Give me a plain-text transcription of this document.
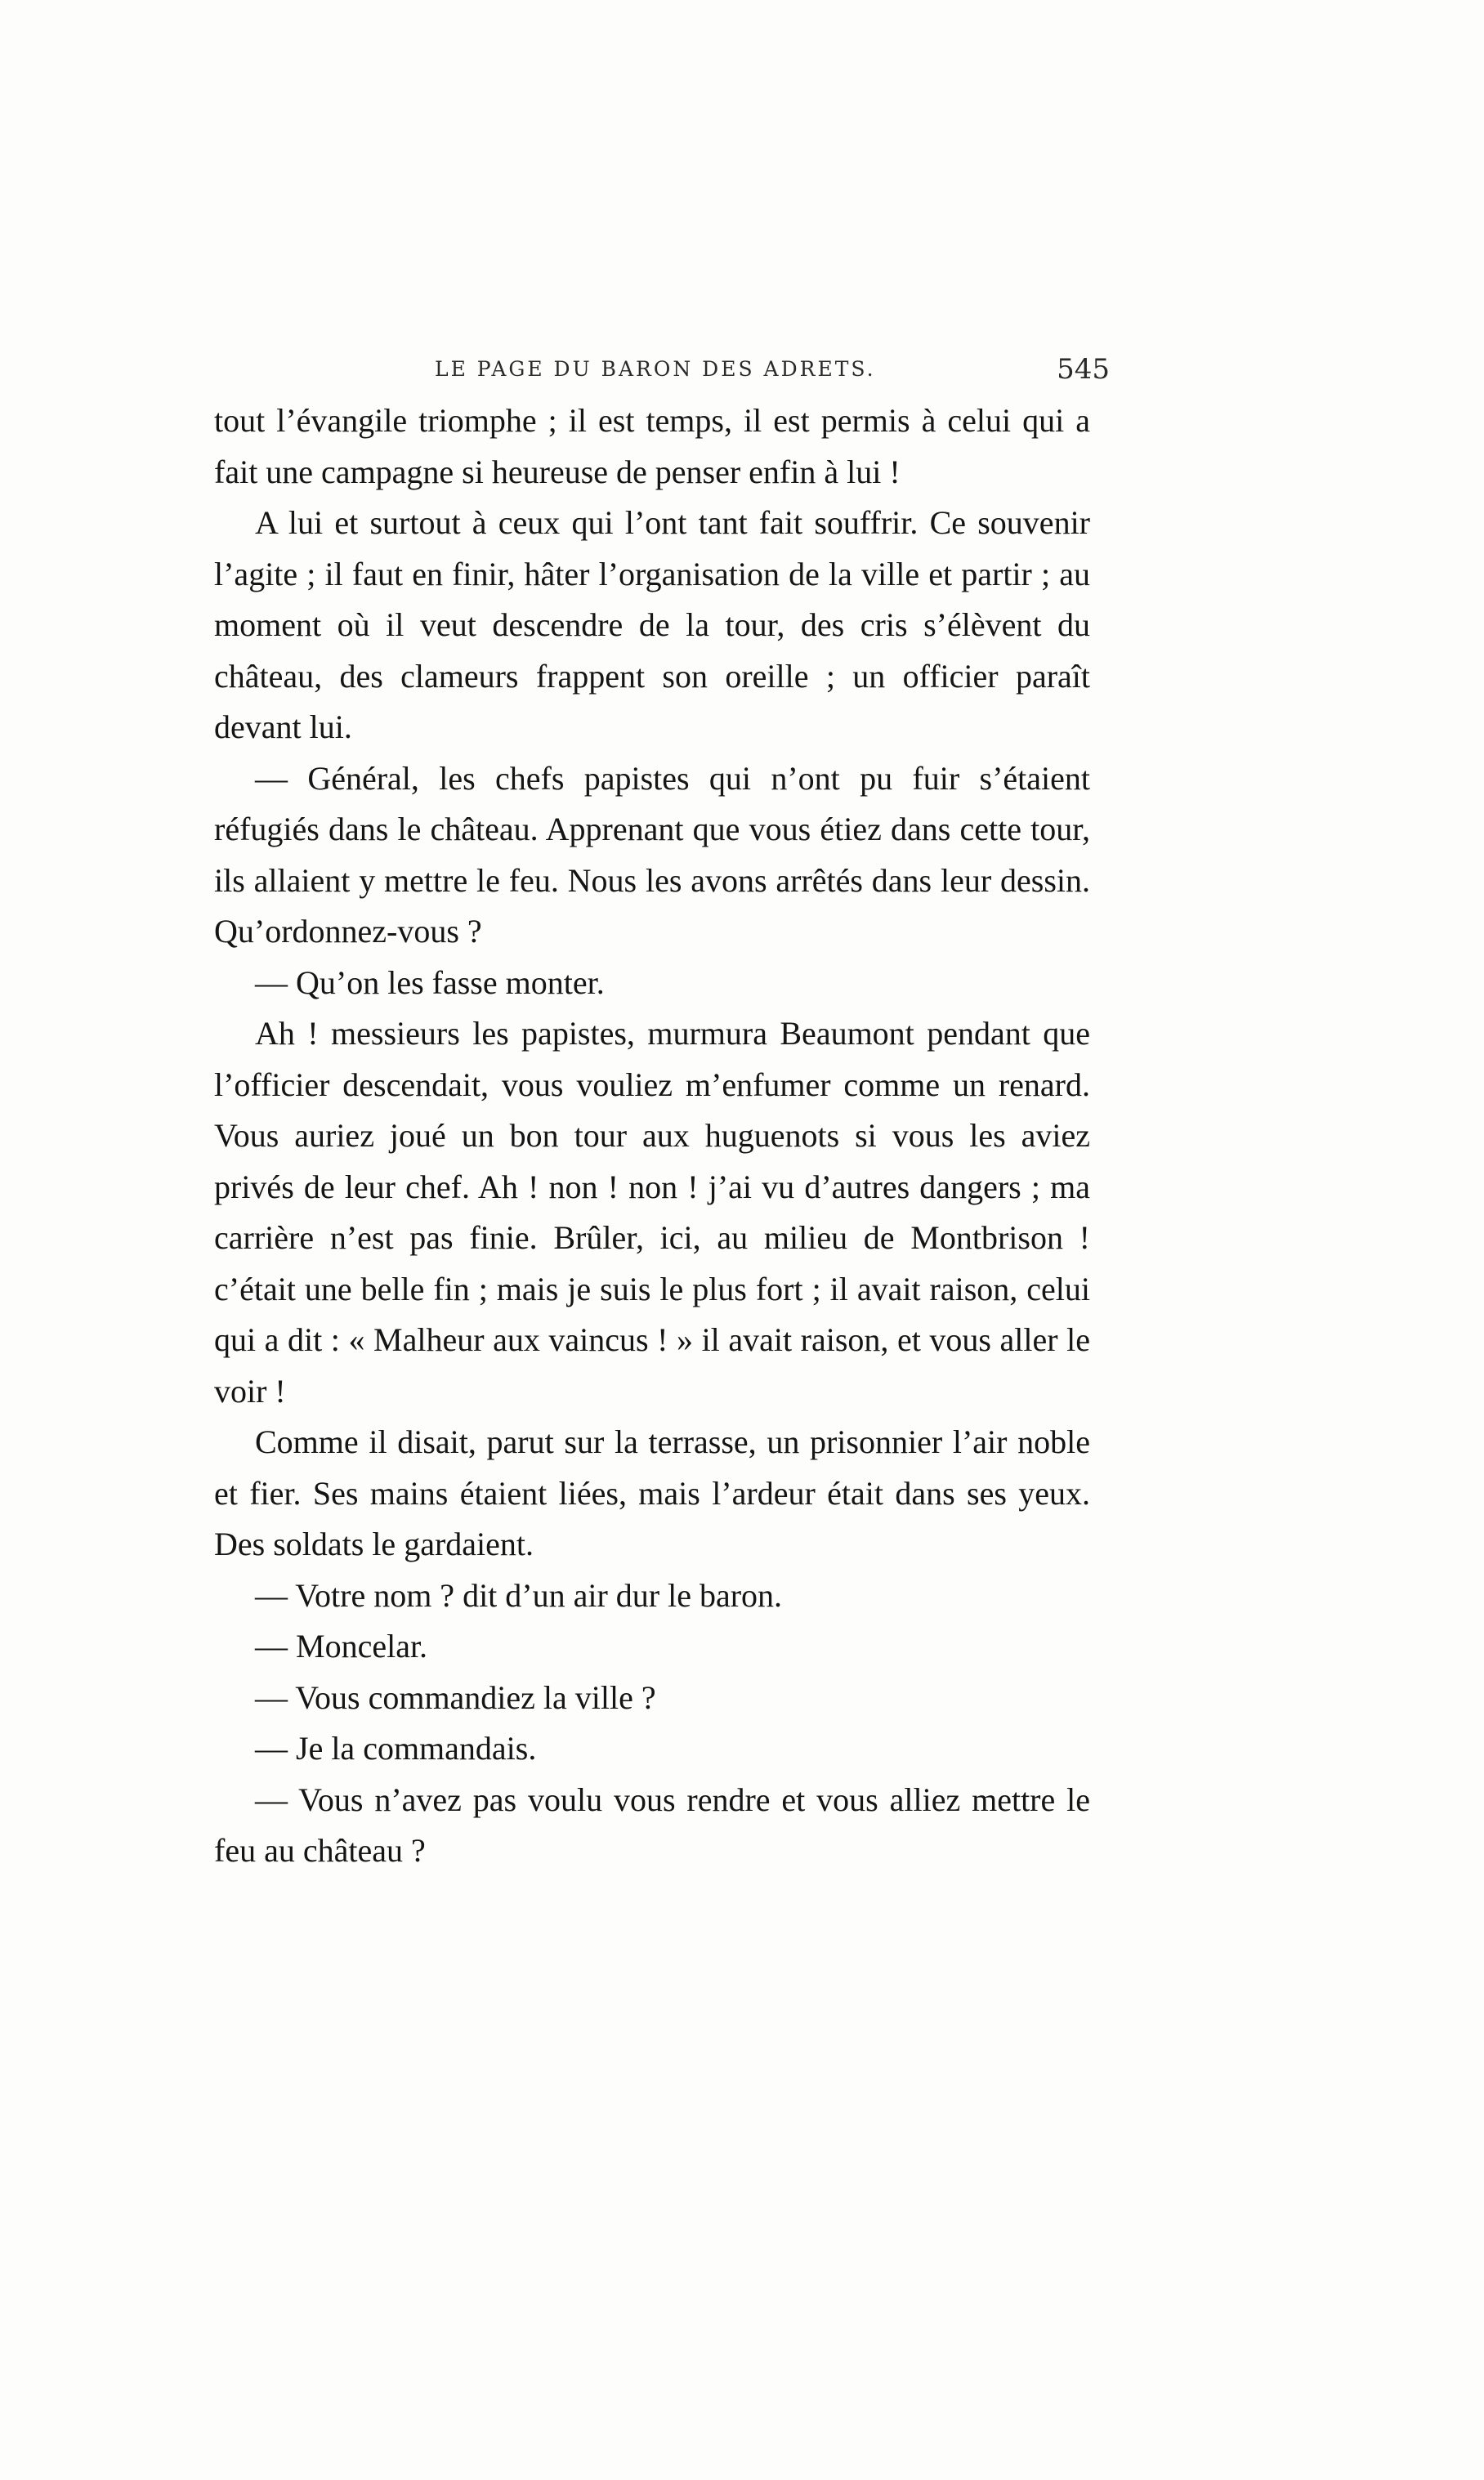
LE PAGE DU BARON DES ADRETS.	545

tout l’évangile triomphe ; il est temps, il est permis à celui qui a fait une campagne si heureuse de penser enfin à lui !

A lui et surtout à ceux qui l’ont tant fait souffrir. Ce souvenir l’agite ; il faut en finir, hâter l’organisation de la ville et partir ; au moment où il veut descendre de la tour, des cris s’élèvent du château, des clameurs frappent son oreille ; un officier paraît devant lui.

— Général, les chefs papistes qui n’ont pu fuir s’étaient réfugiés dans le château. Apprenant que vous étiez dans cette tour, ils allaient y mettre le feu. Nous les avons arrêtés dans leur dessin. Qu’ordonnez-vous ?

— Qu’on les fasse monter.

Ah ! messieurs les papistes, murmura Beaumont pendant que l’officier descendait, vous vouliez m’enfumer comme un renard. Vous auriez joué un bon tour aux huguenots si vous les aviez privés de leur chef. Ah ! non ! non ! j’ai vu d’autres dangers ; ma carrière n’est pas finie. Brûler, ici, au milieu de Montbrison ! c’était une belle fin ; mais je suis le plus fort ; il avait raison, celui qui a dit : « Malheur aux vaincus ! » il avait raison, et vous aller le voir !

Comme il disait, parut sur la terrasse, un prisonnier l’air noble et fier. Ses mains étaient liées, mais l’ardeur était dans ses yeux. Des soldats le gardaient.

— Votre nom ? dit d’un air dur le baron.

— Moncelar.

— Vous commandiez la ville ?

— Je la commandais.

— Vous n’avez pas voulu vous rendre et vous alliez mettre le feu au château ?
